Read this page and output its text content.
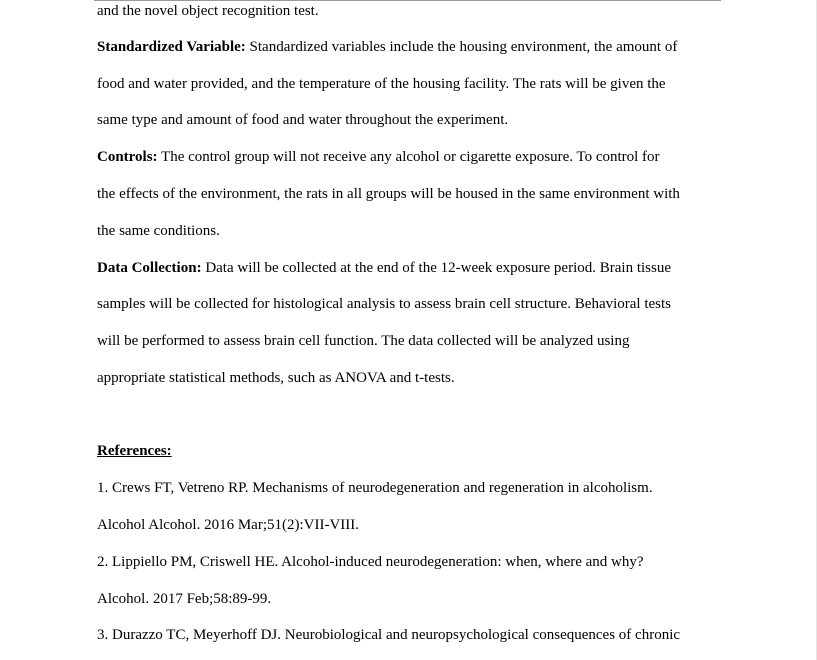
and the novel object recognition test.
Standardized Variable: Standardized variables include the housing environment, the amount of
food and water provided, and the temperature of the housing facility. The rats will be given the
same type and amount of food and water throughout the experiment.
Controls: The control group will not receive any alcohol or cigarette exposure. To control for
the effects of the environment, the rats in all groups will be housed in the same environment with
the same conditions.
Data Collection: Data will be collected at the end of the 12-week exposure period. Brain tissue
samples will be collected for histological analysis to assess brain cell structure. Behavioral tests
will be performed to assess brain cell function. The data collected will be analyzed using
appropriate statistical methods, such as ANOVA and t-tests.
References:
1. Crews FT, Vetreno RP. Mechanisms of neurodegeneration and regeneration in alcoholism.
Alcohol Alcohol. 2016 Mar;51(2):VII-VIII.
2. Lippiello PM, Criswell HE. Alcohol-induced neurodegeneration: when, where and why?
Alcohol. 2017 Feb;58:89-99.
3. Durazzo TC, Meyerhoff DJ. Neurobiological and neuropsychological consequences of chronic
